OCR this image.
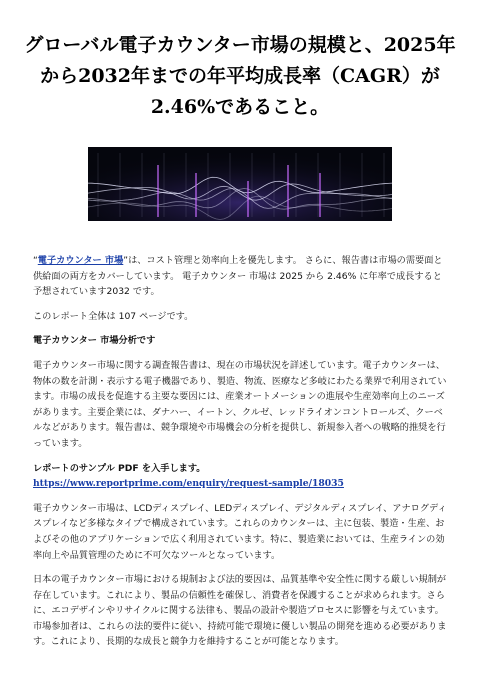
グローバル電子カウンター市場の規模と、2025年から2032年までの年平均成長率（CAGR）が2.46%であること。

“電子カウンター 市場”は、コスト管理と効率向上を優先します。 さらに、報告書は市場の需要面と供給面の両方をカバーしています。 電子カウンター 市場は 2025 から 2.46% に年率で成長すると予想されています2032 です。

このレポート全体は 107 ページです。

電子カウンター 市場分析です

電子カウンター市場に関する調査報告書は、現在の市場状況を詳述しています。電子カウンターは、物体の数を計測・表示する電子機器であり、製造、物流、医療など多岐にわたる業界で利用されています。市場の成長を促進する主要な要因には、産業オートメーションの進展や生産効率向上のニーズがあります。主要企業には、ダナハー、イートン、クルゼ、レッドライオンコントロールズ、クーベルなどがあります。報告書は、競争環境や市場機会の分析を提供し、新規参入者への戦略的推奨を行っています。

レポートのサンプル PDF を入手します。 https://www.reportprime.com/enquiry/request-sample/18035

電子カウンター市場は、LCDディスプレイ、LEDディスプレイ、デジタルディスプレイ、アナログディスプレイなど多様なタイプで構成されています。これらのカウンターは、主に包装、製造・生産、およびその他のアプリケーションで広く利用されています。特に、製造業においては、生産ラインの効率向上や品質管理のために不可欠なツールとなっています。

日本の電子カウンター市場における規制および法的要因は、品質基準や安全性に関する厳しい規制が存在しています。これにより、製品の信頼性を確保し、消費者を保護することが求められます。さらに、エコデザインやリサイクルに関する法律も、製品の設計や製造プロセスに影響を与えています。市場参加者は、これらの法的要件に従い、持続可能で環境に優しい製品の開発を進める必要があります。これにより、長期的な成長と競争力を維持することが可能となります。
